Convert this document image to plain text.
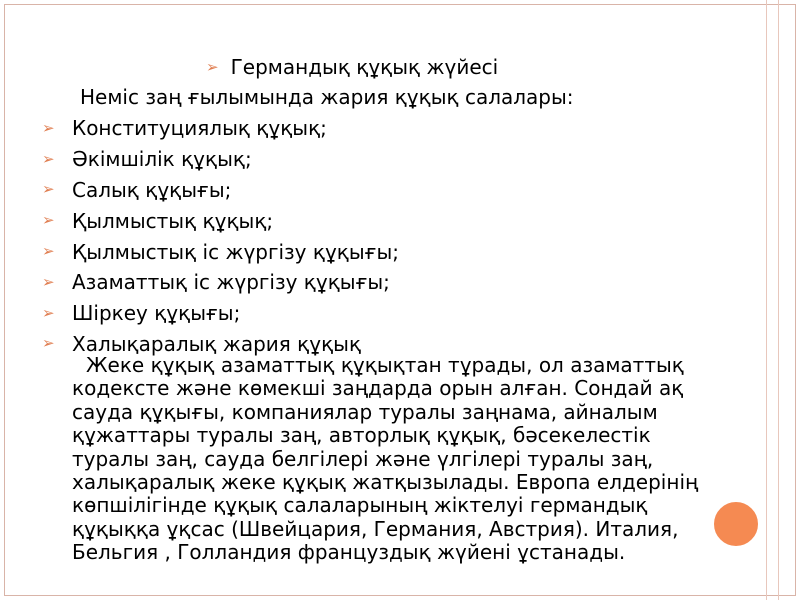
➢ Германдық құқық жүйесі
Неміс заң ғылымында жария құқық салалары:
➢ Конституциялық құқық;
➢ Әкімшілік құқық;
➢ Салық құқығы;
➢ Қылмыстық құқық;
➢ Қылмыстық іс жүргізу құқығы;
➢ Азаматтық іс жүргізу құқығы;
➢ Шіркеу құқығы;
➢ Халықаралық жария құқық

Жеке құқық азаматтық құқықтан тұрады, ол азаматтық кодексте және көмекші заңдарда орын алған. Сондай ақ сауда құқығы, компаниялар туралы заңнама, айналым құжаттары туралы заң, авторлық құқық, бәсекелестік туралы заң, сауда белгілері және үлгілері туралы заң, халықаралық жеке құқық жатқызылады. Европа елдерінің көпшілігінде құқық салаларының жіктелуі германдық құқыққа ұқсас (Швейцария, Германия, Австрия). Италия, Бельгия , Голландия француздық жүйені ұстанады.
